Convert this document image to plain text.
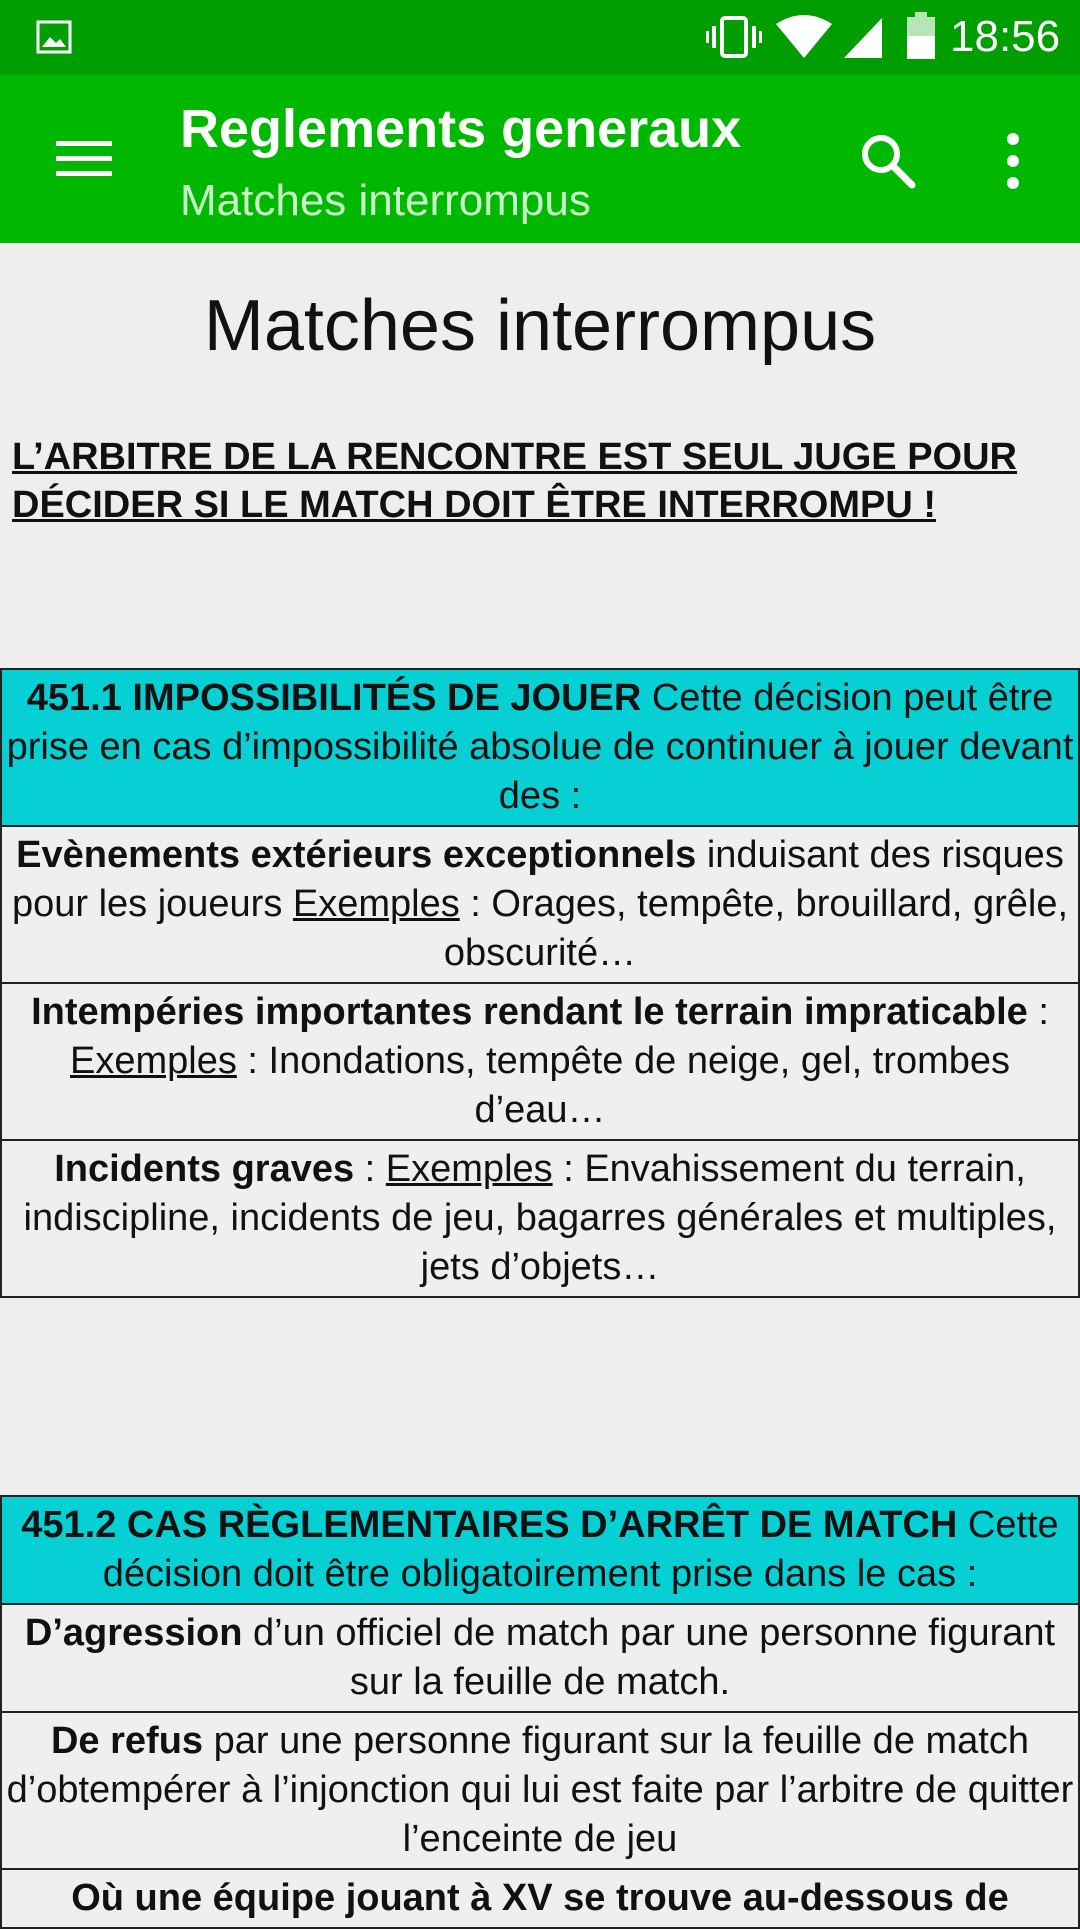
18:56
Reglements generaux
Matches interrompus
Matches interrompus
L’ARBITRE DE LA RENCONTRE EST SEUL JUGE POUR DÉCIDER SI LE MATCH DOIT ÊTRE INTERROMPU !
451.1 IMPOSSIBILITÉS DE JOUER Cette décision peut être prise en cas d’impossibilité absolue de continuer à jouer devant des :
Evènements extérieurs exceptionnels induisant des risques pour les joueurs Exemples : Orages, tempête, brouillard, grêle, obscurité…
Intempéries importantes rendant le terrain impraticable : Exemples : Inondations, tempête de neige, gel, trombes d’eau…
Incidents graves : Exemples : Envahissement du terrain, indiscipline, incidents de jeu, bagarres générales et multiples, jets d’objets…
451.2 CAS RÈGLEMENTAIRES D’ARRÊT DE MATCH Cette décision doit être obligatoirement prise dans le cas :
D’agression d’un officiel de match par une personne figurant sur la feuille de match.
De refus par une personne figurant sur la feuille de match d’obtempérer à l’injonction qui lui est faite par l’arbitre de quitter l’enceinte de jeu
Où une équipe jouant à XV se trouve au-dessous de
